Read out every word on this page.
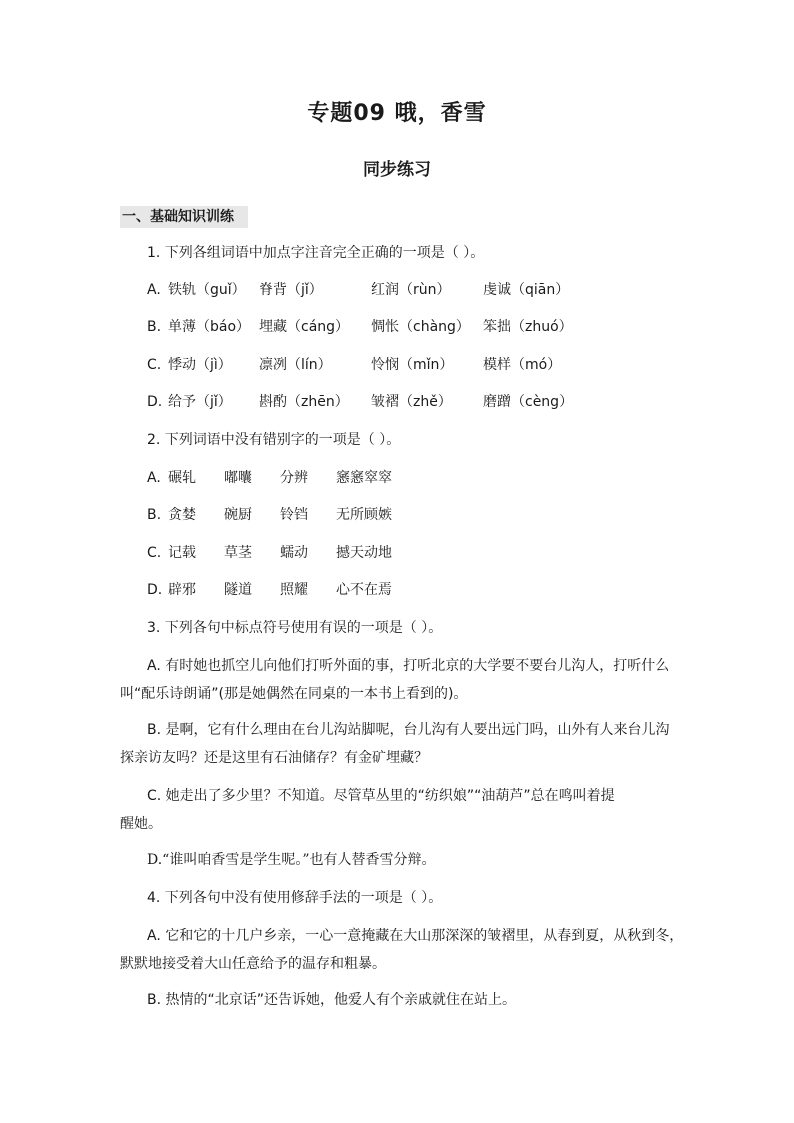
专题09 哦，香雪
同步练习
一、基础知识训练
1. 下列各组词语中加点字注音完全正确的一项是（ ）。
A. 铁轨（guǐ） 脊背（jǐ）	红润（rùn） 虔诚（qiān）
B. 单薄（báo） 埋藏（cáng） 惆怅（chàng） 笨拙（zhuó）
C. 悸动（jì） 凛冽（lín）	怜悯（mǐn） 模样（mó）
D. 给予（jǐ） 斟酌（zhēn） 皱褶（zhě） 磨蹭（cèng）
2. 下列词语中没有错别字的一项是（ ）。
A. 碾轧 嘟囔 分辨 窸窸窣窣
B. 贪婪 碗厨 铃铛 无所顾嫉
C. 记载 草茎 蠕动 撼天动地
D. 辟邪 隧道 照耀 心不在焉
3. 下列各句中标点符号使用有误的一项是（ ）。
A. 有时她也抓空儿向他们打听外面的事，打听北京的大学要不要台儿沟人，打听什么
叫“配乐诗朗诵”(那是她偶然在同桌的一本书上看到的)。
B. 是啊，它有什么理由在台儿沟站脚呢，台儿沟有人要出远门吗，山外有人来台儿沟
探亲访友吗？还是这里有石油储存？有金矿埋藏？
C. 她走出了多少里？不知道。尽管草丛里的“纺织娘”“油葫芦”总在鸣叫着提
醒她。
D.“谁叫咱香雪是学生呢。”也有人替香雪分辩。
4. 下列各句中没有使用修辞手法的一项是（ ）。
A. 它和它的十几户乡亲，一心一意掩藏在大山那深深的皱褶里，从春到夏，从秋到冬，
默默地接受着大山任意给予的温存和粗暴。
B. 热情的“北京话”还告诉她，他爱人有个亲戚就住在站上。
